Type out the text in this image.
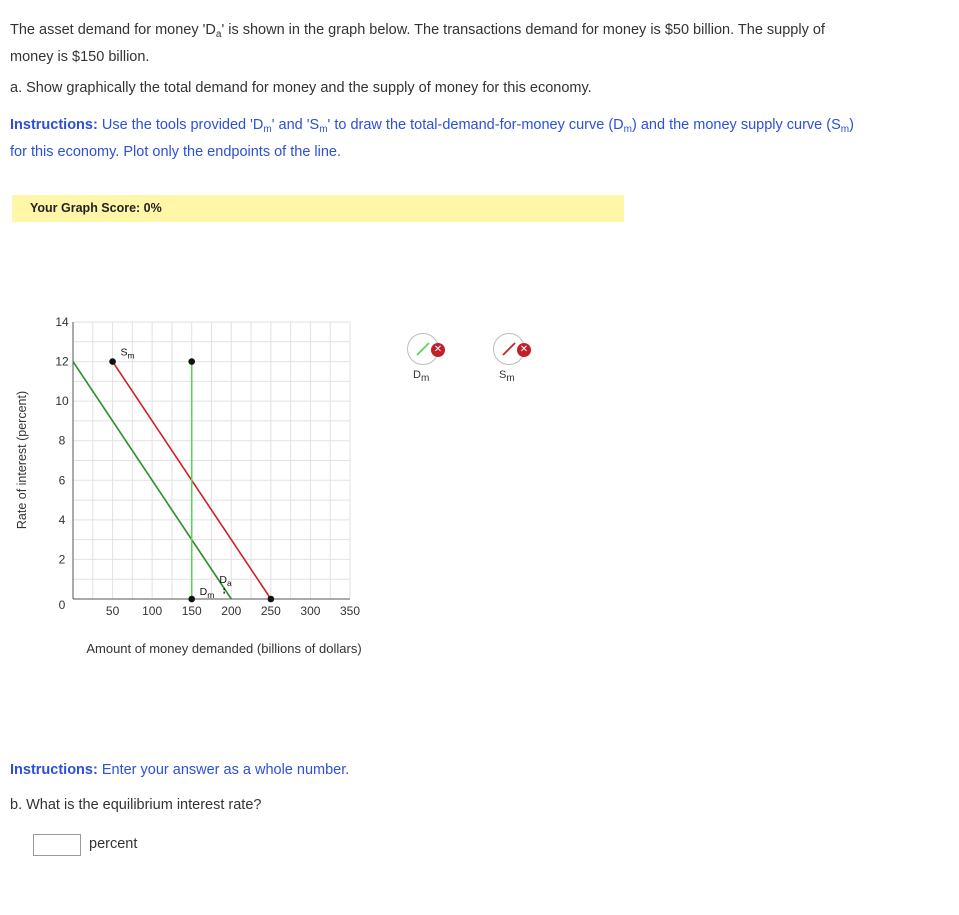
The asset demand for money '$D_a$' is shown in the graph below. The transactions demand for money is $50 billion. The supply of
money is $150 billion.
a. Show graphically the total demand for money and the supply of money for this economy.
Instructions: Use the tools provided '$D_m$' and '$S_m$' to draw the total-demand-for-money curve $(D_m)$ and the money supply curve $(S_m)$
for this economy. Plot only the endpoints of the line.
Your Graph Score: 0%
50 100 150 200 250 300 350
0
2
4
6
8
10
12
14
$S_m$
$D_a$
$D_m$
Amount of money demanded (billions of dollars)
Rate of interest (percent)
✕
$D_m$
✕
$S_m$
Instructions: Enter your answer as a whole number.
b. What is the equilibrium interest rate?
percent
